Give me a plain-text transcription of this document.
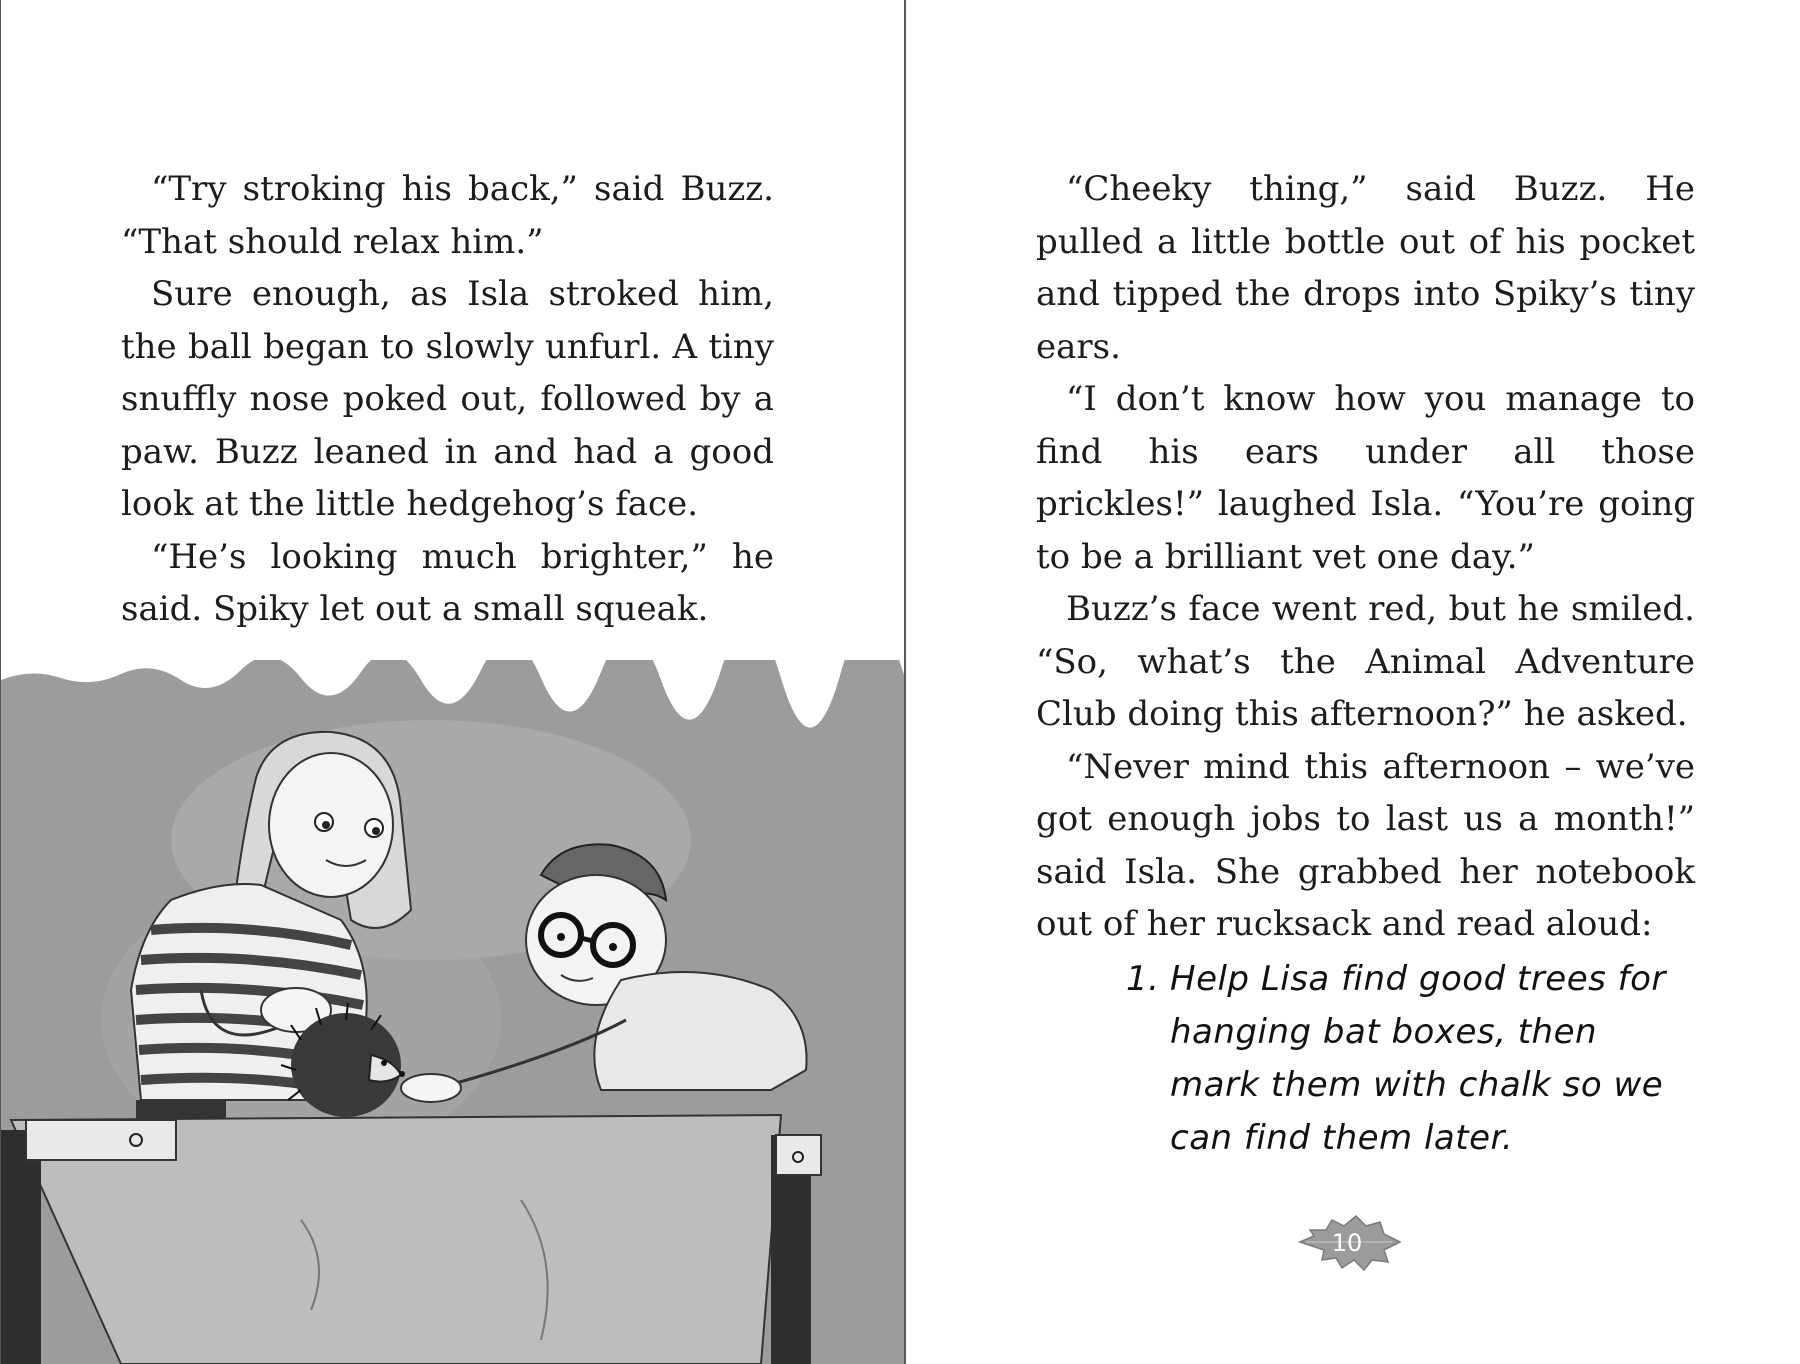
“Try stroking his back,” said Buzz. “That should relax him.”

Sure enough, as Isla stroked him, the ball began to slowly unfurl. A tiny snuffly nose poked out, followed by a paw. Buzz leaned in and had a good look at the little hedgehog’s face.

“He’s looking much brighter,” he said. Spiky let out a small squeak.

“Cheeky thing,” said Buzz. He pulled a little bottle out of his pocket and tipped the drops into Spiky’s tiny ears.

“I don’t know how you manage to find his ears under all those prickles!” laughed Isla. “You’re going to be a brilliant vet one day.”

Buzz’s face went red, but he smiled. “So, what’s the Animal Adventure Club doing this afternoon?” he asked.

“Never mind this afternoon – we’ve got enough jobs to last us a month!” said Isla. She grabbed her notebook out of her rucksack and read aloud:

1. Help Lisa find good trees for hanging bat boxes, then mark them with chalk so we can find them later.
10
